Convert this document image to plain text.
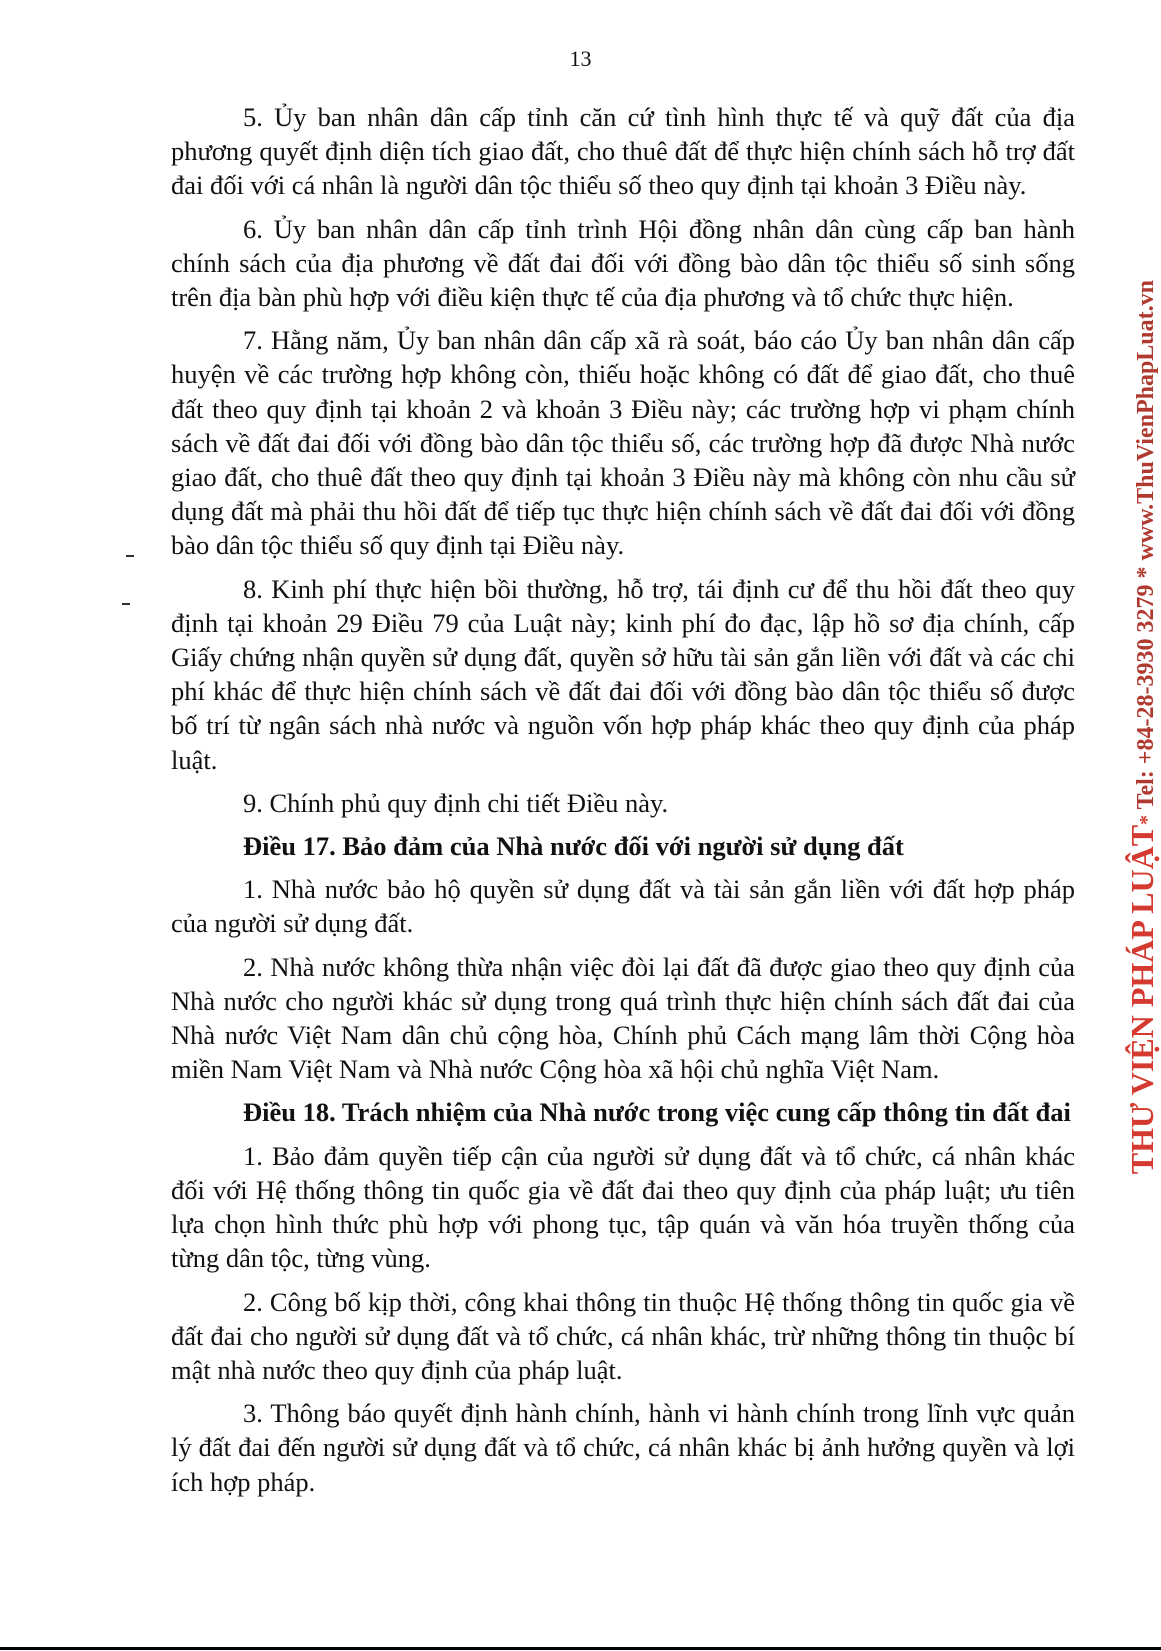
13

5. Ủy ban nhân dân cấp tỉnh căn cứ tình hình thực tế và quỹ đất của địa phương quyết định diện tích giao đất, cho thuê đất để thực hiện chính sách hỗ trợ đất đai đối với cá nhân là người dân tộc thiểu số theo quy định tại khoản 3 Điều này.

6. Ủy ban nhân dân cấp tỉnh trình Hội đồng nhân dân cùng cấp ban hành chính sách của địa phương về đất đai đối với đồng bào dân tộc thiểu số sinh sống trên địa bàn phù hợp với điều kiện thực tế của địa phương và tổ chức thực hiện.

7. Hằng năm, Ủy ban nhân dân cấp xã rà soát, báo cáo Ủy ban nhân dân cấp huyện về các trường hợp không còn, thiếu hoặc không có đất để giao đất, cho thuê đất theo quy định tại khoản 2 và khoản 3 Điều này; các trường hợp vi phạm chính sách về đất đai đối với đồng bào dân tộc thiểu số, các trường hợp đã được Nhà nước giao đất, cho thuê đất theo quy định tại khoản 3 Điều này mà không còn nhu cầu sử dụng đất mà phải thu hồi đất để tiếp tục thực hiện chính sách về đất đai đối với đồng bào dân tộc thiểu số quy định tại Điều này.

8. Kinh phí thực hiện bồi thường, hỗ trợ, tái định cư để thu hồi đất theo quy định tại khoản 29 Điều 79 của Luật này; kinh phí đo đạc, lập hồ sơ địa chính, cấp Giấy chứng nhận quyền sử dụng đất, quyền sở hữu tài sản gắn liền với đất và các chi phí khác để thực hiện chính sách về đất đai đối với đồng bào dân tộc thiểu số được bố trí từ ngân sách nhà nước và nguồn vốn hợp pháp khác theo quy định của pháp luật.

9. Chính phủ quy định chi tiết Điều này.

Điều 17. Bảo đảm của Nhà nước đối với người sử dụng đất

1. Nhà nước bảo hộ quyền sử dụng đất và tài sản gắn liền với đất hợp pháp của người sử dụng đất.

2. Nhà nước không thừa nhận việc đòi lại đất đã được giao theo quy định của Nhà nước cho người khác sử dụng trong quá trình thực hiện chính sách đất đai của Nhà nước Việt Nam dân chủ cộng hòa, Chính phủ Cách mạng lâm thời Cộng hòa miền Nam Việt Nam và Nhà nước Cộng hòa xã hội chủ nghĩa Việt Nam.

Điều 18. Trách nhiệm của Nhà nước trong việc cung cấp thông tin đất đai

1. Bảo đảm quyền tiếp cận của người sử dụng đất và tổ chức, cá nhân khác đối với Hệ thống thông tin quốc gia về đất đai theo quy định của pháp luật; ưu tiên lựa chọn hình thức phù hợp với phong tục, tập quán và văn hóa truyền thống của từng dân tộc, từng vùng.

2. Công bố kịp thời, công khai thông tin thuộc Hệ thống thông tin quốc gia về đất đai cho người sử dụng đất và tổ chức, cá nhân khác, trừ những thông tin thuộc bí mật nhà nước theo quy định của pháp luật.

3. Thông báo quyết định hành chính, hành vi hành chính trong lĩnh vực quản lý đất đai đến người sử dụng đất và tổ chức, cá nhân khác bị ảnh hưởng quyền và lợi ích hợp pháp.

THƯ VIỆN PHÁP LUẬT* Tel: +84-28-3930 3279 * www.ThuVienPhapLuat.vn
